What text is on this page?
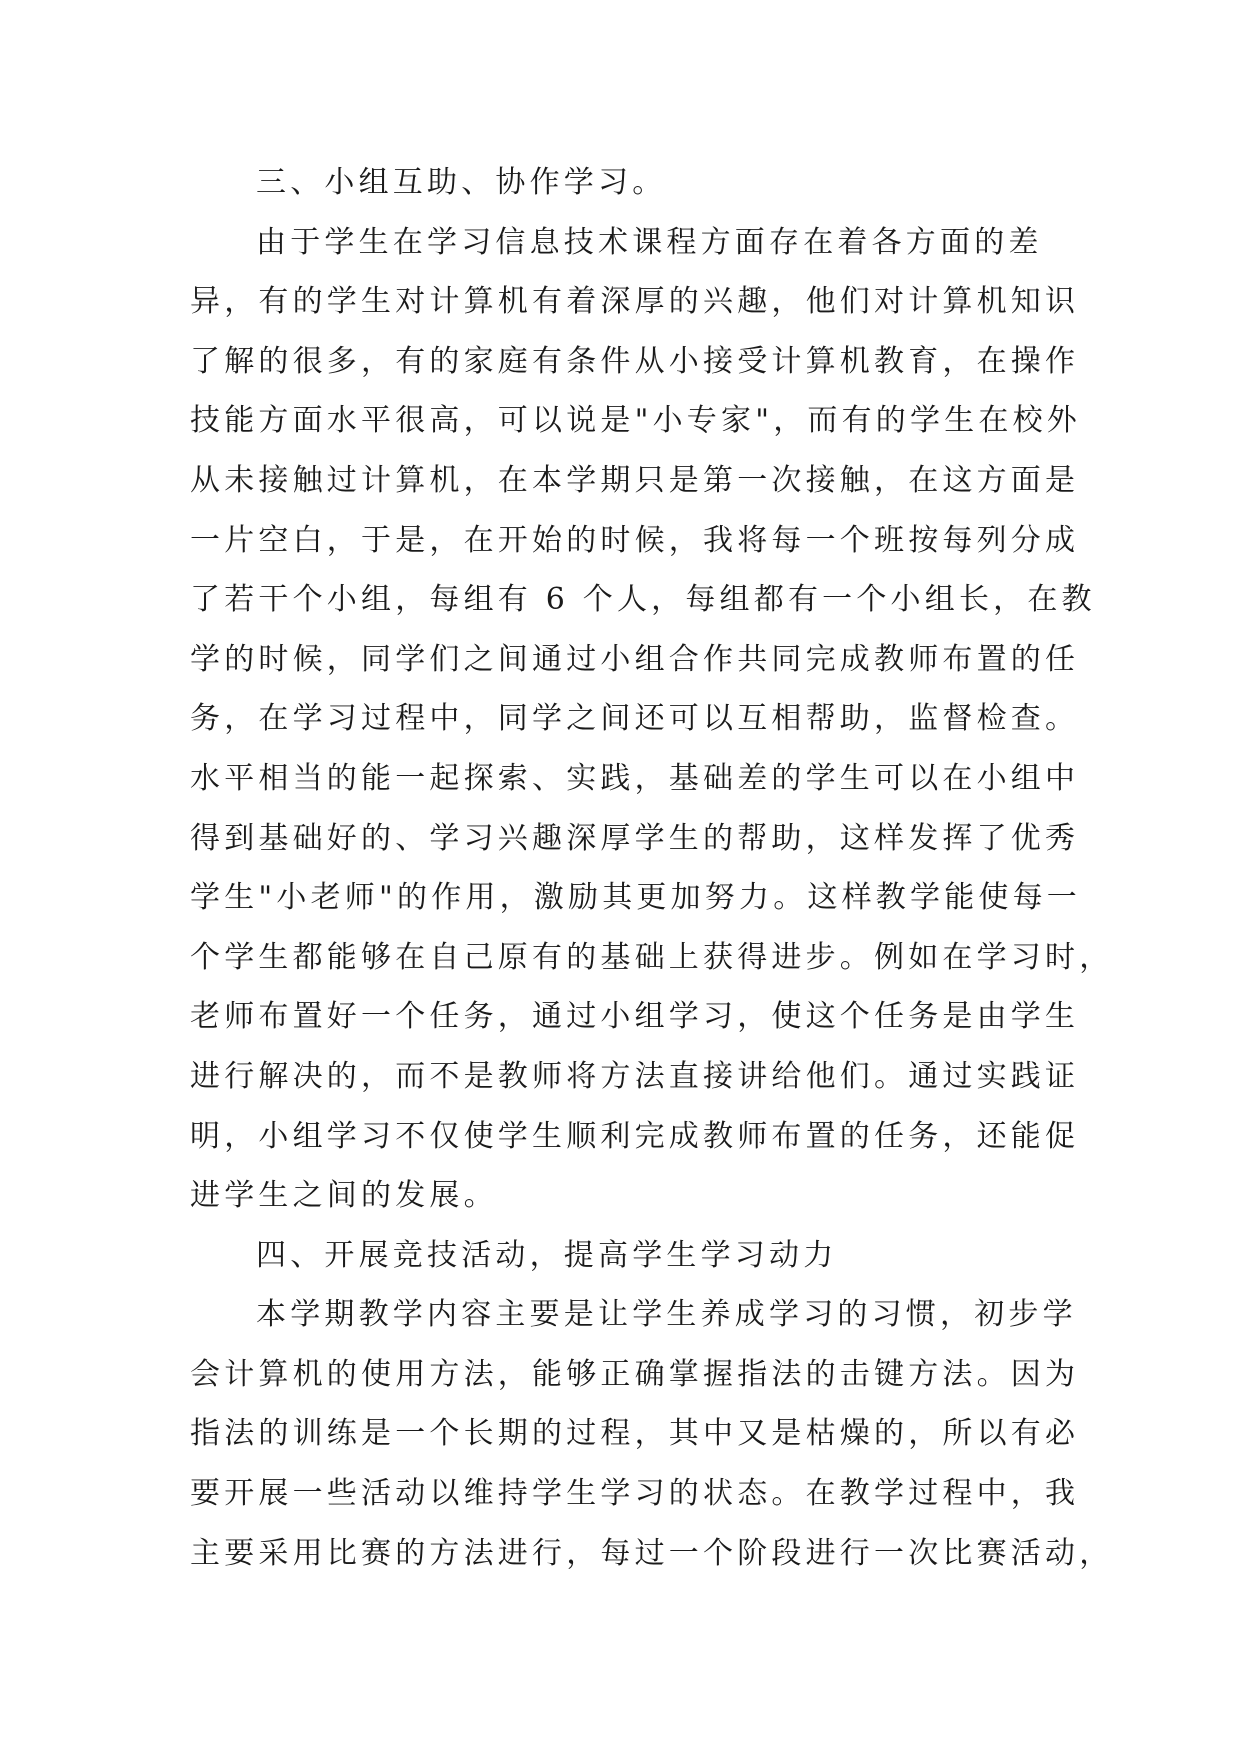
三、小组互助、协作学习。
由于学生在学习信息技术课程方面存在着各方面的差
异，有的学生对计算机有着深厚的兴趣，他们对计算机知识
了解的很多，有的家庭有条件从小接受计算机教育，在操作
技能方面水平很高，可以说是"小专家"，而有的学生在校外
从未接触过计算机，在本学期只是第一次接触，在这方面是
一片空白，于是，在开始的时候，我将每一个班按每列分成
了若干个小组，每组有 6 个人，每组都有一个小组长，在教
学的时候，同学们之间通过小组合作共同完成教师布置的任
务，在学习过程中，同学之间还可以互相帮助，监督检查。
水平相当的能一起探索、实践，基础差的学生可以在小组中
得到基础好的、学习兴趣深厚学生的帮助，这样发挥了优秀
学生"小老师"的作用，激励其更加努力。这样教学能使每一
个学生都能够在自己原有的基础上获得进步。例如在学习时，
老师布置好一个任务，通过小组学习，使这个任务是由学生
进行解决的，而不是教师将方法直接讲给他们。通过实践证
明，小组学习不仅使学生顺利完成教师布置的任务，还能促
进学生之间的发展。
四、开展竞技活动，提高学生学习动力
本学期教学内容主要是让学生养成学习的习惯，初步学
会计算机的使用方法，能够正确掌握指法的击键方法。因为
指法的训练是一个长期的过程，其中又是枯燥的，所以有必
要开展一些活动以维持学生学习的状态。在教学过程中，我
主要采用比赛的方法进行，每过一个阶段进行一次比赛活动，
